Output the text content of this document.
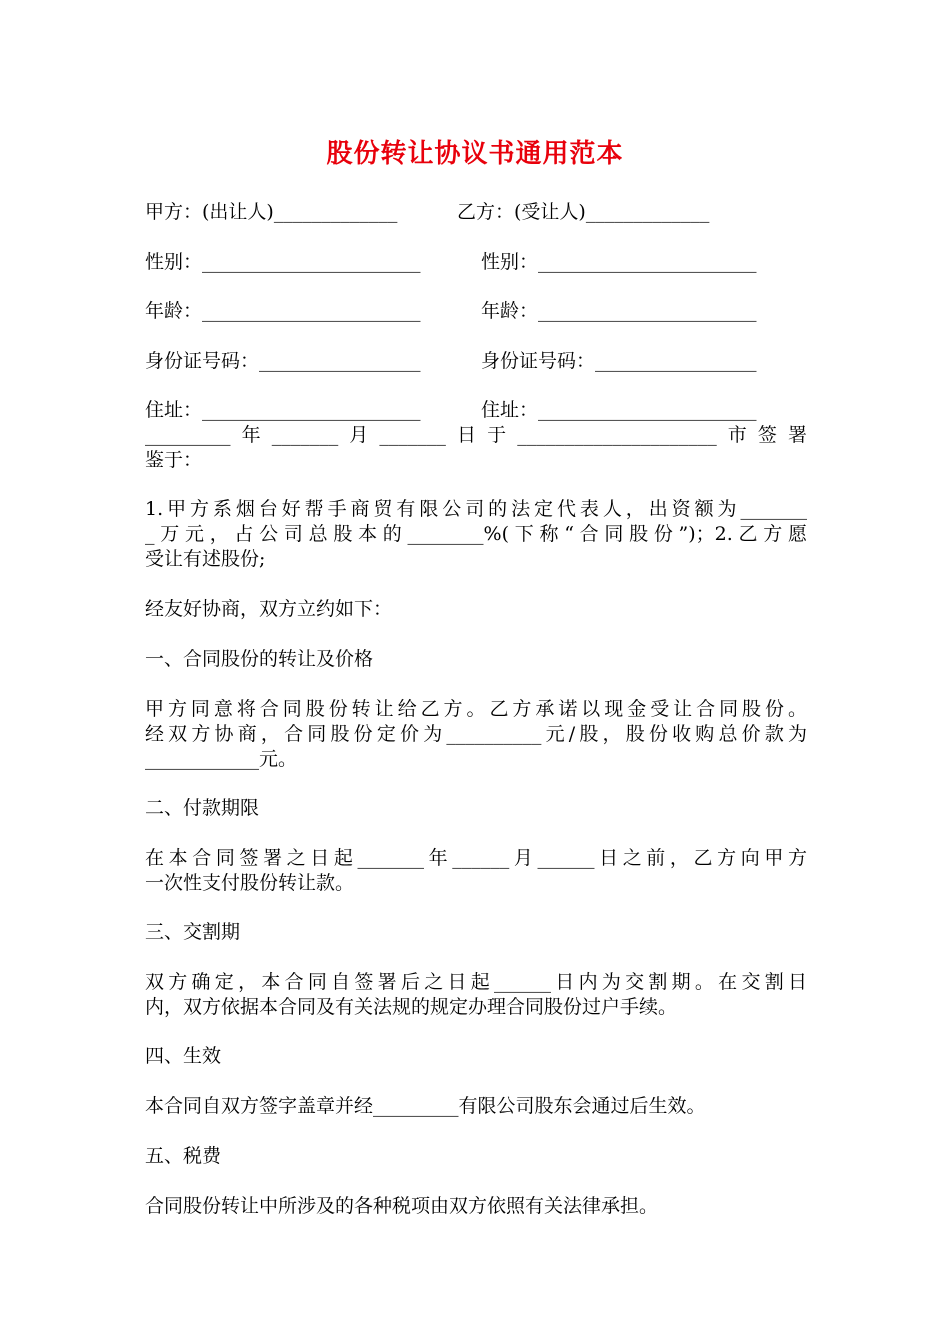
股份转让协议书通用范本
甲方：(出让人)_____________	乙方：(受让人)_____________
性别：_______________________	性别：_______________________
年龄：_______________________	年龄：_______________________
身份证号码：_________________	身份证号码：_________________
住址：_______________________	住址：_______________________
_________年_______月_______日于_____________________市签署
鉴于：
1.甲方系烟台好帮手商贸有限公司的法定代表人，出资额为_______
_万元，占公司总股本的________%(下称“合同股份”)；2.乙方愿
受让有述股份;
经友好协商，双方立约如下：
一、合同股份的转让及价格
甲方同意将合同股份转让给乙方。乙方承诺以现金受让合同股份。
经双方协商，合同股份定价为__________元/股，股份收购总价款为
____________元。
二、付款期限
在本合同签署之日起_______年______月______日之前，乙方向甲方
一次性支付股份转让款。
三、交割期
双方确定，本合同自签署后之日起______日内为交割期。在交割日
内，双方依据本合同及有关法规的规定办理合同股份过户手续。
四、生效
本合同自双方签字盖章并经_________有限公司股东会通过后生效。
五、税费
合同股份转让中所涉及的各种税项由双方依照有关法律承担。
